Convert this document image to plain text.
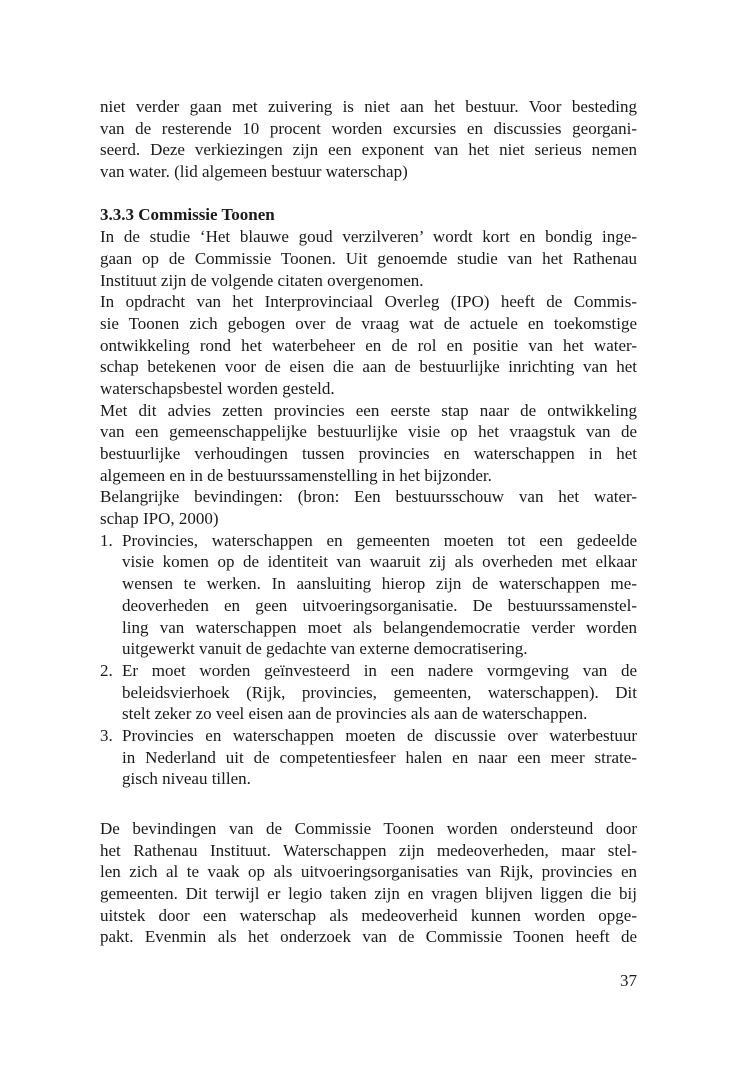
niet verder gaan met zuivering is niet aan het bestuur. Voor besteding
van de resterende 10 procent worden excursies en discussies georgani-
seerd. Deze verkiezingen zijn een exponent van het niet serieus nemen
van water. (lid algemeen bestuur waterschap)
3.3.3 Commissie Toonen
In de studie ‘Het blauwe goud verzilveren’ wordt kort en bondig inge-
gaan op de Commissie Toonen. Uit genoemde studie van het Rathenau
Instituut zijn de volgende citaten overgenomen.
In opdracht van het Interprovinciaal Overleg (IPO) heeft de Commis-
sie Toonen zich gebogen over de vraag wat de actuele en toekomstige
ontwikkeling rond het waterbeheer en de rol en positie van het water-
schap betekenen voor de eisen die aan de bestuurlijke inrichting van het
waterschapsbestel worden gesteld.
Met dit advies zetten provincies een eerste stap naar de ontwikkeling
van een gemeenschappelijke bestuurlijke visie op het vraagstuk van de
bestuurlijke verhoudingen tussen provincies en waterschappen in het
algemeen en in de bestuurssamenstelling in het bijzonder.
Belangrijke bevindingen: (bron: Een bestuursschouw van het water-
schap IPO, 2000)
1. Provincies, waterschappen en gemeenten moeten tot een gedeelde
visie komen op de identiteit van waaruit zij als overheden met elkaar
wensen te werken. In aansluiting hierop zijn de waterschappen me-
deoverheden en geen uitvoeringsorganisatie. De bestuurssamenstel-
ling van waterschappen moet als belangendemocratie verder worden
uitgewerkt vanuit de gedachte van externe democratisering.
2. Er moet worden geïnvesteerd in een nadere vormgeving van de
beleidsvierhoek (Rijk, provincies, gemeenten, waterschappen). Dit
stelt zeker zo veel eisen aan de provincies als aan de waterschappen.
3. Provincies en waterschappen moeten de discussie over waterbestuur
in Nederland uit de competentiesfeer halen en naar een meer strate-
gisch niveau tillen.
De bevindingen van de Commissie Toonen worden ondersteund door
het Rathenau Instituut. Waterschappen zijn medeoverheden, maar stel-
len zich al te vaak op als uitvoeringsorganisaties van Rijk, provincies en
gemeenten. Dit terwijl er legio taken zijn en vragen blijven liggen die bij
uitstek door een waterschap als medeoverheid kunnen worden opge-
pakt. Evenmin als het onderzoek van de Commissie Toonen heeft de
37
